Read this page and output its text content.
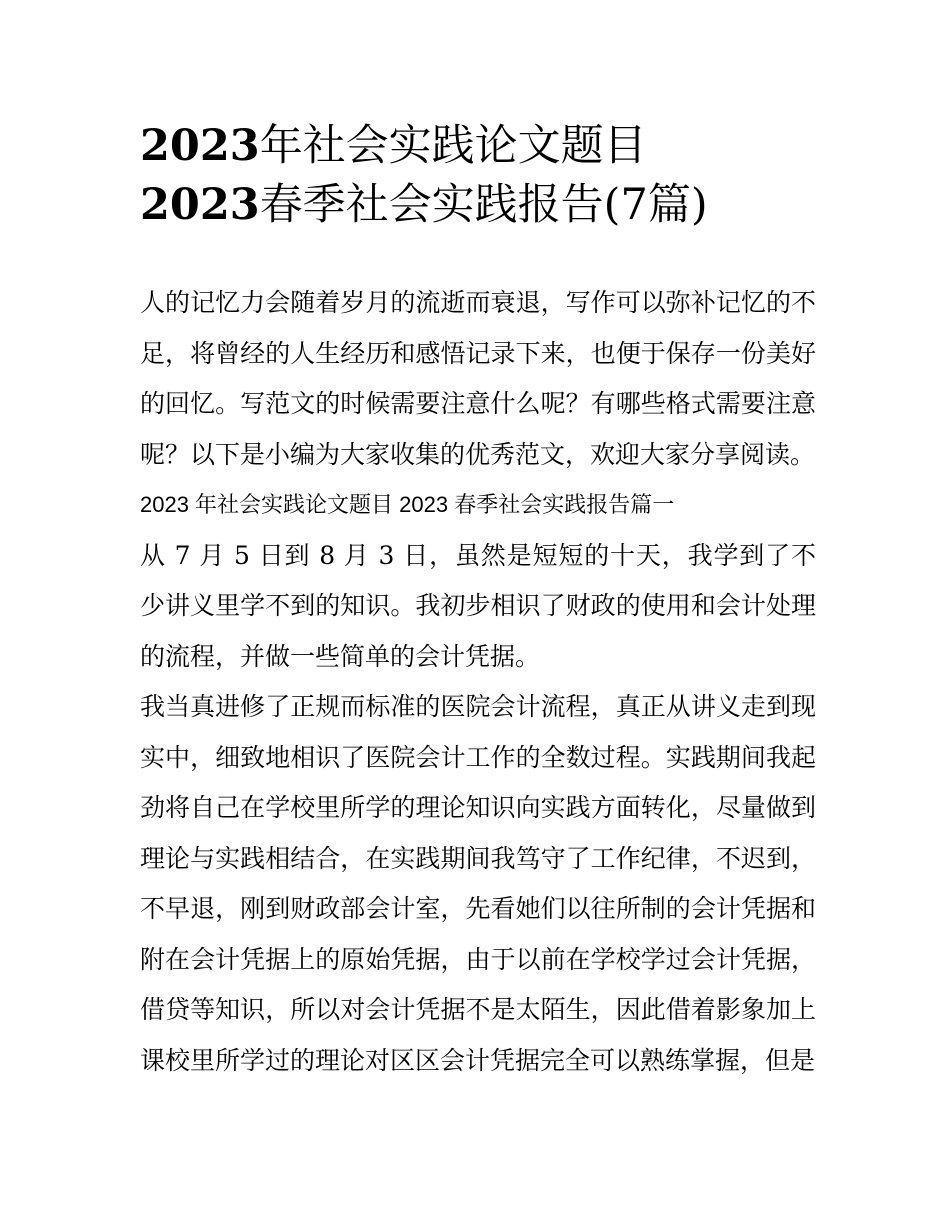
2023年社会实践论文题目

2023春季社会实践报告(7篇)

人的记忆力会随着岁月的流逝而衰退，写作可以弥补记忆的不足，将曾经的人生经历和感悟记录下来，也便于保存一份美好的回忆。写范文的时候需要注意什么呢？有哪些格式需要注意呢？以下是小编为大家收集的优秀范文，欢迎大家分享阅读。

2023 年社会实践论文题目 2023 春季社会实践报告篇一

从 7 月 5 日到 8 月 3 日，虽然是短短的十天，我学到了不少讲义里学不到的知识。我初步相识了财政的使用和会计处理的流程，并做一些简单的会计凭据。

我当真进修了正规而标准的医院会计流程，真正从讲义走到现实中，细致地相识了医院会计工作的全数过程。实践期间我起劲将自己在学校里所学的理论知识向实践方面转化，尽量做到理论与实践相结合，在实践期间我笃守了工作纪律，不迟到，不早退，刚到财政部会计室，先看她们以往所制的会计凭据和附在会计凭据上的原始凭据，由于以前在学校学过会计凭据，借贷等知识，所以对会计凭据不是太陌生，因此借着影象加上课校里所学过的理论对区区会计凭据完全可以熟练掌握，但是
